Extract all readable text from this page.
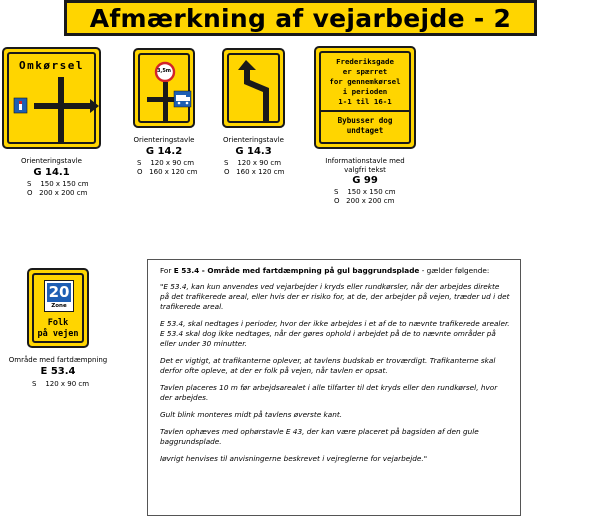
Afmærkning af vejarbejde - 2
Omkørsel
Orienteringstavle
G 14.1
S    150 x 150 cm
O   200 x 200 cm
3,5m
Orienteringstavle
G 14.2
S    120 x 90 cm
O   160 x 120 cm
Orienteringstavle
G 14.3
S    120 x 90 cm
O   160 x 120 cm
Frederiksgade
er spærret
for gennemkørsel
i perioden
1-1 til 16-1
Bybusser dog
undtaget
Informationstavle med
valgfri tekst
G 99
S    150 x 150 cm
O   200 x 200 cm
20
Zone
Folk
på vejen
Område med fartdæmpning
E 53.4
S    120 x 90 cm
For E 53.4 - Område med fartdæmpning på gul baggrundsplade - gælder følgende:

"E 53.4, kan kun anvendes ved vejarbejder i kryds eller rundkørsler, når der arbejdes direkte på det trafikerede areal, eller hvis der er risiko for, at de, der arbejder på vejen, træder ud i det trafikerede areal.

E 53.4, skal nedtages i perioder, hvor der ikke arbejdes i et af de to nævnte trafikerede arealer. E 53.4 skal dog ikke nedtages, når der gøres ophold i arbejdet på de to nævnte områder på eller under 30 minutter.

Det er vigtigt, at trafikanterne oplever, at tavlens budskab er troværdigt. Trafikanterne skal derfor ofte opleve, at der er folk på vejen, når tavlen er opsat.

Tavlen placeres 10 m før arbejdsarealet i alle tilfarter til det kryds eller den rundkørsel, hvor der arbejdes.

Gult blink monteres midt på tavlens øverste kant.

Tavlen ophæves med ophørstavle E 43, der kan være placeret på bagsiden af den gule baggrundsplade.

Iøvrigt henvises til anvisningerne beskrevet i vejreglerne for vejarbejde."
